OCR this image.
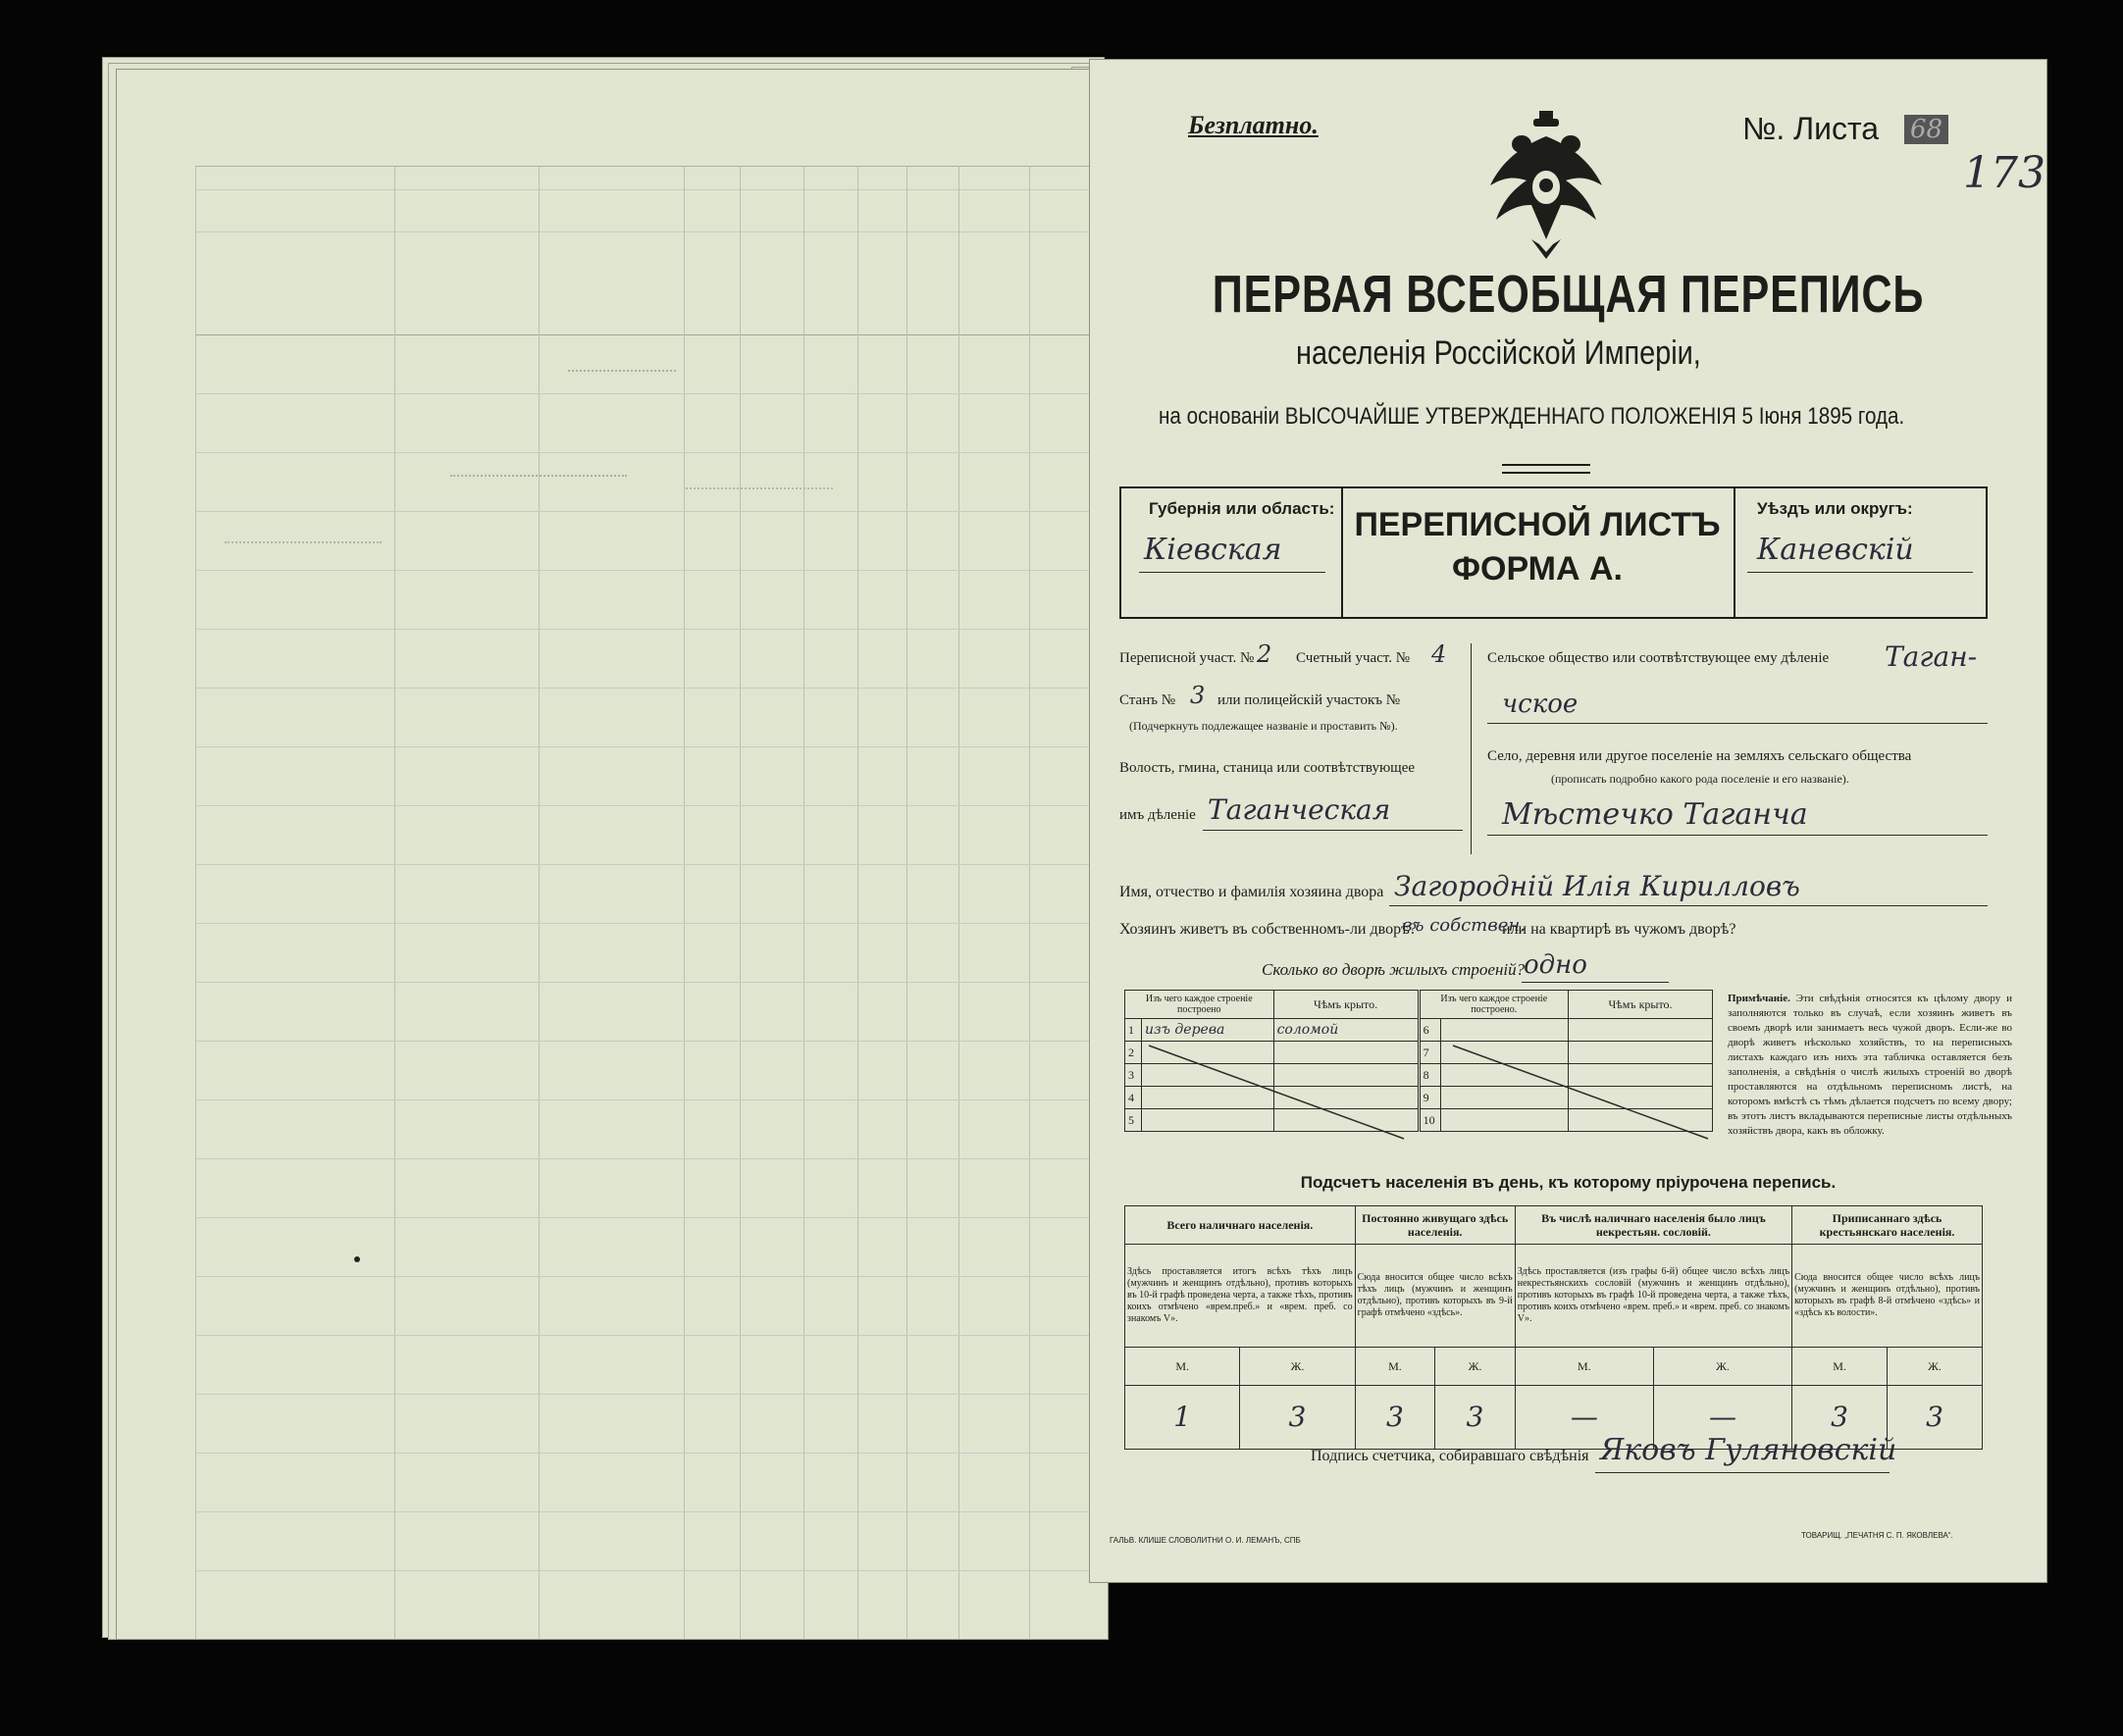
Безплатно.	№. Листа 68
173
ПЕРВАЯ ВСЕОБЩАЯ ПЕРЕПИСЬ
населенія Россійской Имперіи,
на основаніи ВЫСОЧАЙШЕ УТВЕРЖДЕННАГО ПОЛОЖЕНІЯ 5 Іюня 1895 года.
Губернія или область:
Кіевская
ПЕРЕПИСНОЙ ЛИСТЪ
ФОРМА А.
Уѣздъ или округъ:
Каневскій
Переписной участ. № 2 Счетный участ. № 4
Станъ № 3 или полицейскій участокъ №
(Подчеркнуть подлежащее названіе и проставить №).
Волость, гмина, станица или соотвѣтствующее
имъ дѣленіе Таганческая
Сельское общество или соотвѣтствующее ему дѣленіе Таган-
чское
Село, деревня или другое поселеніе на земляхъ сельскаго общества
(прописать подробно какого рода поселеніе и его названіе).
Мѣстечко Таганча
Имя, отчество и фамилія хозяина двора Загородній Илія Кирилловъ
Хозяинъ живетъ въ собственномъ-ли дворѣ?
въ собствен.
или на квартирѣ въ чужомъ дворѣ?
Сколько во дворѣ жилыхъ строеній?
одно
Изъ чего каждое строеніе построено		Чѣмъ крыто.	Изъ чего каждое строеніе построено.		Чѣмъ крыто.
1	изъ дерева	соломой	6		
2			7		
3			8		
4			9		
5			10		
Примѣчаніе. Эти свѣдѣнія относятся къ цѣлому двору и заполняются только въ случаѣ, если хозяинъ живетъ въ своемъ дворѣ или занимаетъ весь чужой дворъ. Если-же во дворѣ живетъ нѣсколько хозяйствъ, то на переписныхъ листахъ каждаго изъ нихъ эта табличка оставляется безъ заполненія, а свѣдѣнія о числѣ жилыхъ строеній во дворѣ проставляются на отдѣльномъ переписномъ листѣ, на которомъ вмѣстѣ съ тѣмъ дѣлается подсчетъ по всему двору; въ этотъ листъ вкладываются переписные листы отдѣльныхъ хозяйствъ двора, какъ въ обложку.
Подсчетъ населенія въ день, къ которому пріурочена перепись.
Всего наличнаго населенія.		Постоянно живущаго здѣсь населенія.		Въ числѣ наличнаго населенія было лицъ некрестьян. сословій.		Приписаннаго здѣсь крестьянскаго населенія.	
Здѣсь проставляется итогъ всѣхъ тѣхъ лицъ (мужчинъ и женщинъ отдѣльно), противъ которыхъ въ 10-й графѣ проведена черта, а также тѣхъ, противъ коихъ отмѣчено «врем.преб.» и «врем. преб. со знакомъ V».		Сюда вносится общее число всѣхъ тѣхъ лицъ (мужчинъ и женщинъ отдѣльно), противъ которыхъ въ 9-й графѣ отмѣчено «здѣсь».		Здѣсь проставляется (изъ графы 6-й) общее число всѣхъ лицъ некрестьянскихъ сословій (мужчинъ и женщинъ отдѣльно), противъ которыхъ въ графѣ 10-й проведена черта, а также тѣхъ, противъ коихъ отмѣчено «врем. преб.» и «врем. преб. со знакомъ V».		Сюда вносится общее число всѣхъ лицъ (мужчинъ и женщинъ отдѣльно), противъ которыхъ въ графѣ 8-й отмѣчено «здѣсь» и «здѣсь къ волости».	
М.	Ж.	М.	Ж.	М.	Ж.	М.	Ж.
1	3	3	3	—	—	3	3
Подпись счетчика, собиравшаго свѣдѣнія Яковъ Гуляновскій
ГАЛЬВ. КЛИШЕ СЛОВОЛИТНИ О. И. ЛЕМАНЪ, СПБ
ТОВАРИЩ. „ПЕЧАТНЯ С. П. ЯКОВЛЕВА“.
